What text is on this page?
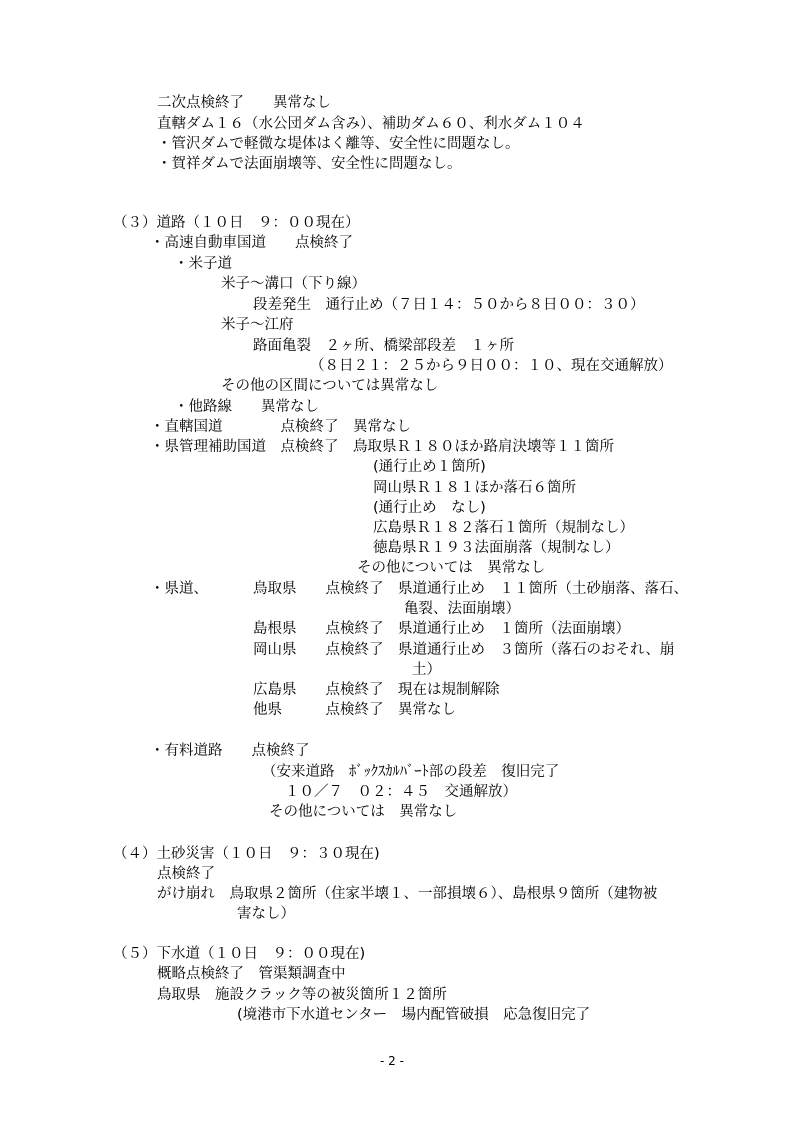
二次点検終了　　異常なし
直轄ダム１６（水公団ダム含み）、補助ダム６０、利水ダム１０４
・管沢ダムで軽微な堤体はく離等、安全性に問題なし。
・賀祥ダムで法面崩壊等、安全性に問題なし。
（３）道路（１０日　９：００現在）
・高速自動車国道　　点検終了
・米子道
米子～溝口（下り線）
段差発生　通行止め（７日１４：５０から８日００：３０）
米子～江府
路面亀裂　２ヶ所、橋梁部段差　１ヶ所
（８日２１：２５から９日００：１０、現在交通解放）
その他の区間については異常なし
・他路線　　異常なし
・直轄国道　　　　点検終了　異常なし
・県管理補助国道　点検終了　鳥取県Ｒ１８０ほか路肩決壊等１１箇所
(通行止め１箇所)
岡山県Ｒ１８１ほか落石６箇所
(通行止め　なし)
広島県Ｒ１８２落石１箇所（規制なし）
徳島県Ｒ１９３法面崩落（規制なし）
その他については　異常なし
・県道、	鳥取県　　点検終了　県道通行止め　１１箇所（土砂崩落、落石、
亀裂、法面崩壊）
島根県　　点検終了　県道通行止め　１箇所（法面崩壊）
岡山県　　点検終了　県道通行止め　３箇所（落石のおそれ、崩
土）
広島県　　点検終了　現在は規制解除
他県　　　点検終了　異常なし
・有料道路　　点検終了
（安来道路　ﾎﾞｯｸｽｶﾙﾊﾞｰﾄ部の段差　復旧完了
１０／７　０２：４５　交通解放）
その他については　異常なし
（４）土砂災害（１０日　９：３０現在)
点検終了
がけ崩れ　鳥取県２箇所（住家半壊１、一部損壊６）、島根県９箇所（建物被
害なし）
（５）下水道（１０日　９：００現在)
概略点検終了　管渠類調査中
鳥取県　施設クラック等の被災箇所１２箇所
(境港市下水道センター　場内配管破損　応急復旧完了
- 2 -
